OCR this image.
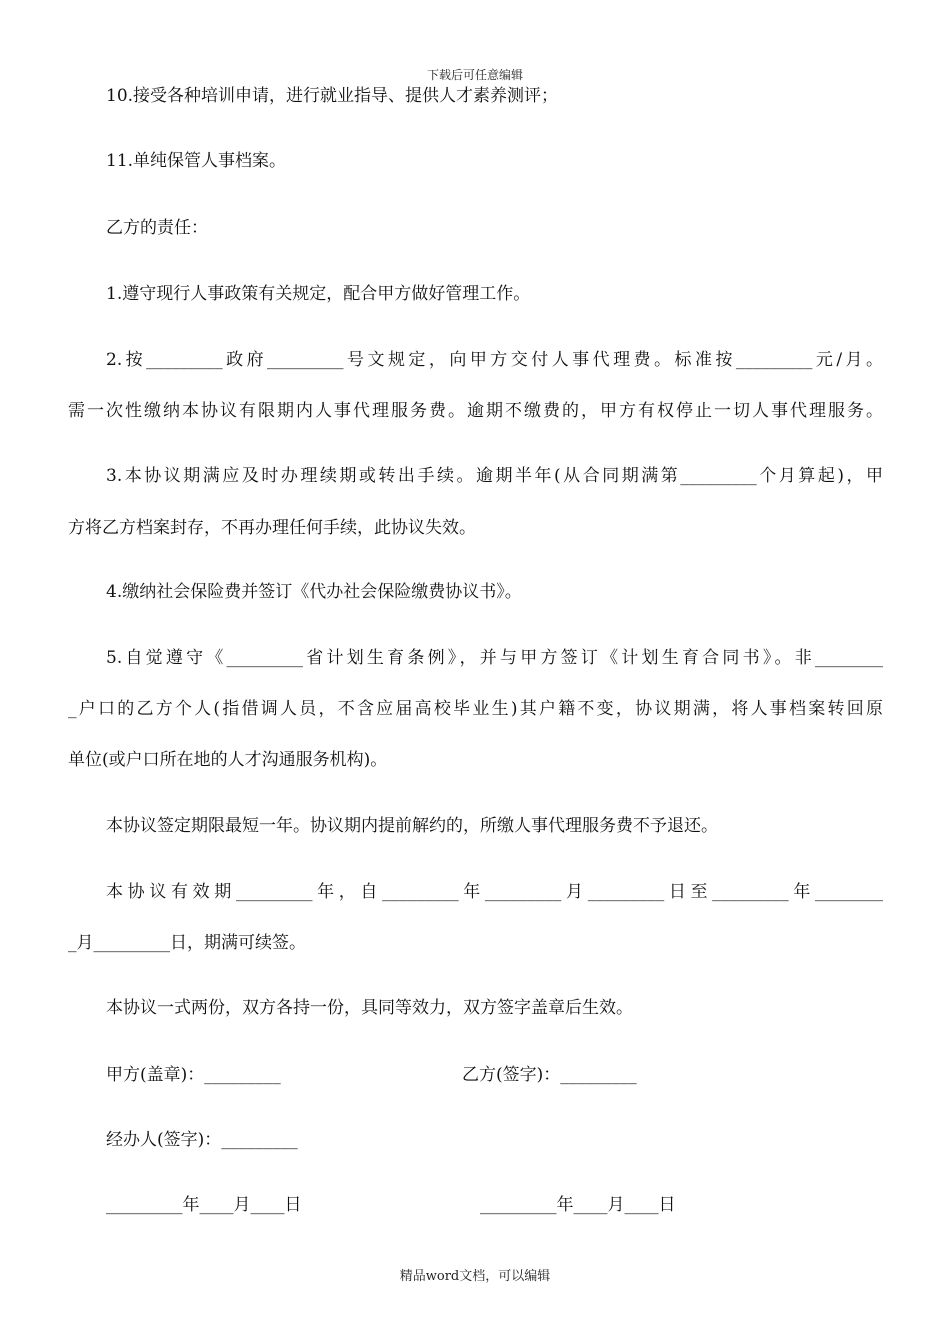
下载后可任意编辑
10.接受各种培训申请，进行就业指导、提供人才素养测评；
11.单纯保管人事档案。
乙方的责任：
1.遵守现行人事政策有关规定，配合甲方做好管理工作。
2.按_________政府_________号文规定，向甲方交付人事代理费。标准按_________元/月。
需一次性缴纳本协议有限期内人事代理服务费。逾期不缴费的，甲方有权停止一切人事代理服务。
3.本协议期满应及时办理续期或转出手续。逾期半年(从合同期满第_________个月算起)，甲
方将乙方档案封存，不再办理任何手续，此协议失效。
4.缴纳社会保险费并签订《代办社会保险缴费协议书》。
5.自觉遵守《_________省计划生育条例》，并与甲方签订《计划生育合同书》。非________
_户口的乙方个人(指借调人员，不含应届高校毕业生)其户籍不变，协议期满，将人事档案转回原
单位(或户口所在地的人才沟通服务机构)。
本协议签定期限最短一年。协议期内提前解约的，所缴人事代理服务费不予退还。
本协议有效期_________年，自_________年_________月_________日至_________年________
_月_________日，期满可续签。
本协议一式两份，双方各持一份，具同等效力，双方签字盖章后生效。
甲方(盖章)：_________	乙方(签字)：_________
经办人(签字)：_________
_________年____月____日	_________年____月____日
精品word文档，可以编辑
